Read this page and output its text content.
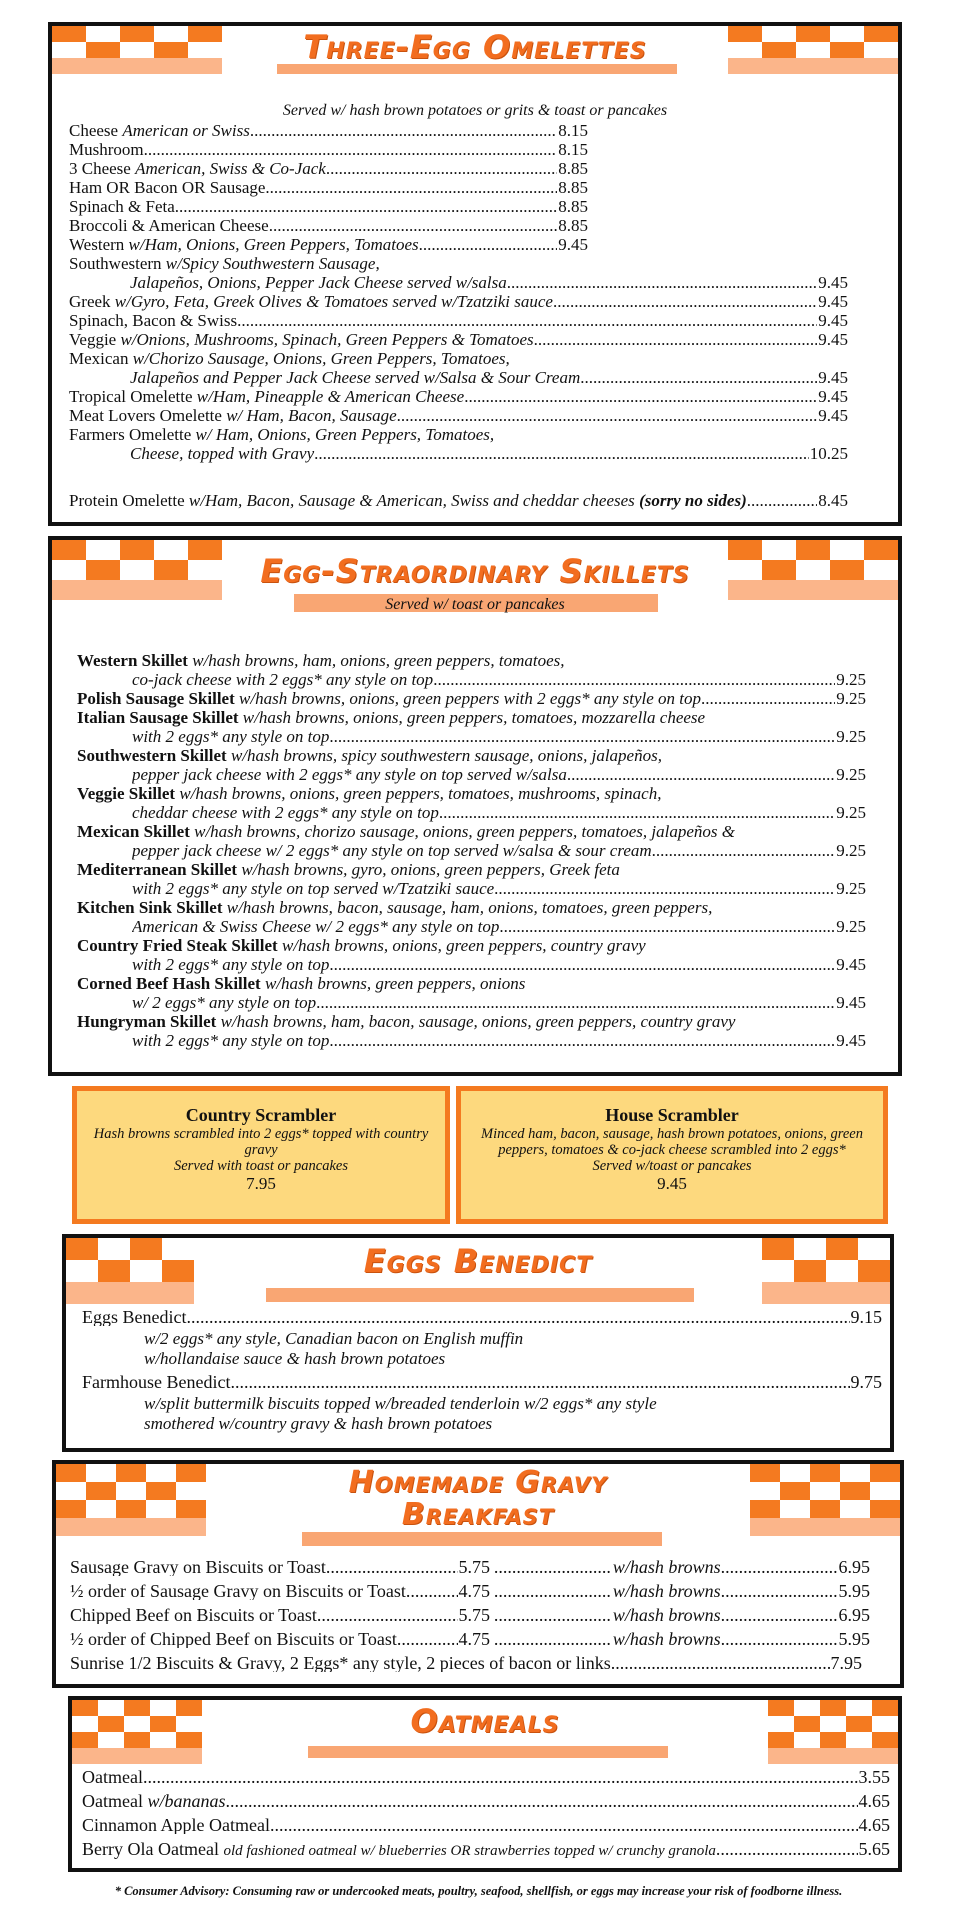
Three-Egg Omelettes
Served w/ hash brown potatoes or grits & toast or pancakes
Cheese American or Swiss .....	8.15
Mushroom .....	8.15
3 Cheese American, Swiss & Co-Jack .....	8.85
Ham OR Bacon OR Sausage .....	8.85
Spinach & Feta .....	8.85
Broccoli & American Cheese .....	8.85
Western w/Ham, Onions, Green Peppers, Tomatoes .....	9.45
Southwestern w/Spicy Southwestern Sausage,
Jalapeños, Onions, Pepper Jack Cheese served w/salsa .....	9.45
Greek w/Gyro, Feta, Greek Olives & Tomatoes served w/Tzatziki sauce .....	9.45
Spinach, Bacon & Swiss .....	9.45
Veggie w/Onions, Mushrooms, Spinach, Green Peppers & Tomatoes .....	9.45
Mexican w/Chorizo Sausage, Onions, Green Peppers, Tomatoes,
Jalapeños and Pepper Jack Cheese served w/Salsa & Sour Cream .....	9.45
Tropical Omelette w/Ham, Pineapple & American Cheese .....	9.45
Meat Lovers Omelette w/ Ham, Bacon, Sausage .....	9.45
Farmers Omelette w/ Ham, Onions, Green Peppers, Tomatoes,
Cheese, topped with Gravy .....	10.25
Protein Omelette w/Ham, Bacon, Sausage & American, Swiss and cheddar cheeses (sorry no sides) .....	8.45
Egg-Straordinary Skillets
Served w/ toast or pancakes
Western Skillet w/hash browns, ham, onions, green peppers, tomatoes,
co-jack cheese with 2 eggs* any style on top .....	9.25
Polish Sausage Skillet w/hash browns, onions, green peppers with 2 eggs* any style on top .....	9.25
Italian Sausage Skillet w/hash browns, onions, green peppers, tomatoes, mozzarella cheese
with 2 eggs* any style on top .....	9.25
Southwestern Skillet w/hash browns, spicy southwestern sausage, onions, jalapeños,
pepper jack cheese with 2 eggs* any style on top served w/salsa .....	9.25
Veggie Skillet w/hash browns, onions, green peppers, tomatoes, mushrooms, spinach,
cheddar cheese with 2 eggs* any style on top .....	9.25
Mexican Skillet w/hash browns, chorizo sausage, onions, green peppers, tomatoes, jalapeños &
pepper jack cheese w/ 2 eggs* any style on top served w/salsa & sour cream .....	9.25
Mediterranean Skillet w/hash browns, gyro, onions, green peppers, Greek feta
with 2 eggs* any style on top served w/Tzatziki sauce .....	9.25
Kitchen Sink Skillet w/hash browns, bacon, sausage, ham, onions, tomatoes, green peppers,
American & Swiss Cheese w/ 2 eggs* any style on top .....	9.25
Country Fried Steak Skillet w/hash browns, onions, green peppers, country gravy
with 2 eggs* any style on top .....	9.45
Corned Beef Hash Skillet w/hash browns, green peppers, onions
w/ 2 eggs* any style on top .....	9.45
Hungryman Skillet w/hash browns, ham, bacon, sausage, onions, green peppers, country gravy
with 2 eggs* any style on top .....	9.45
Country Scrambler
Hash browns scrambled into 2 eggs* topped with country gravy
Served with toast or pancakes
7.95
House Scrambler
Minced ham, bacon, sausage, hash brown potatoes, onions, green peppers, tomatoes & co-jack cheese scrambled into 2 eggs*
Served w/toast or pancakes
9.45
Eggs Benedict
Eggs Benedict .....	9.15
w/2 eggs* any style, Canadian bacon on English muffin
w/hollandaise sauce & hash brown potatoes
Farmhouse Benedict .....	9.75
w/split buttermilk biscuits topped w/breaded tenderloin w/2 eggs* any style
smothered w/country gravy & hash brown potatoes
Homemade Gravy
Breakfast
Sausage Gravy on Biscuits or Toast .....	5.75 .....	w/hash browns .....	6.95
½ order of Sausage Gravy on Biscuits or Toast .....	4.75 .....	w/hash browns .....	5.95
Chipped Beef on Biscuits or Toast .....	5.75 .....	w/hash browns .....	6.95
½ order of Chipped Beef on Biscuits or Toast .....	4.75 .....	w/hash browns .....	5.95
Sunrise 1/2 Biscuits & Gravy, 2 Eggs* any style, 2 pieces of bacon or links .....	7.95
Oatmeals
Oatmeal .....	3.55
Oatmeal w/bananas .....	4.65
Cinnamon Apple Oatmeal .....	4.65
Berry Ola Oatmeal old fashioned oatmeal w/ blueberries OR strawberries topped w/ crunchy granola .....	5.65
* Consumer Advisory: Consuming raw or undercooked meats, poultry, seafood, shellfish, or eggs may increase your risk of foodborne illness.
